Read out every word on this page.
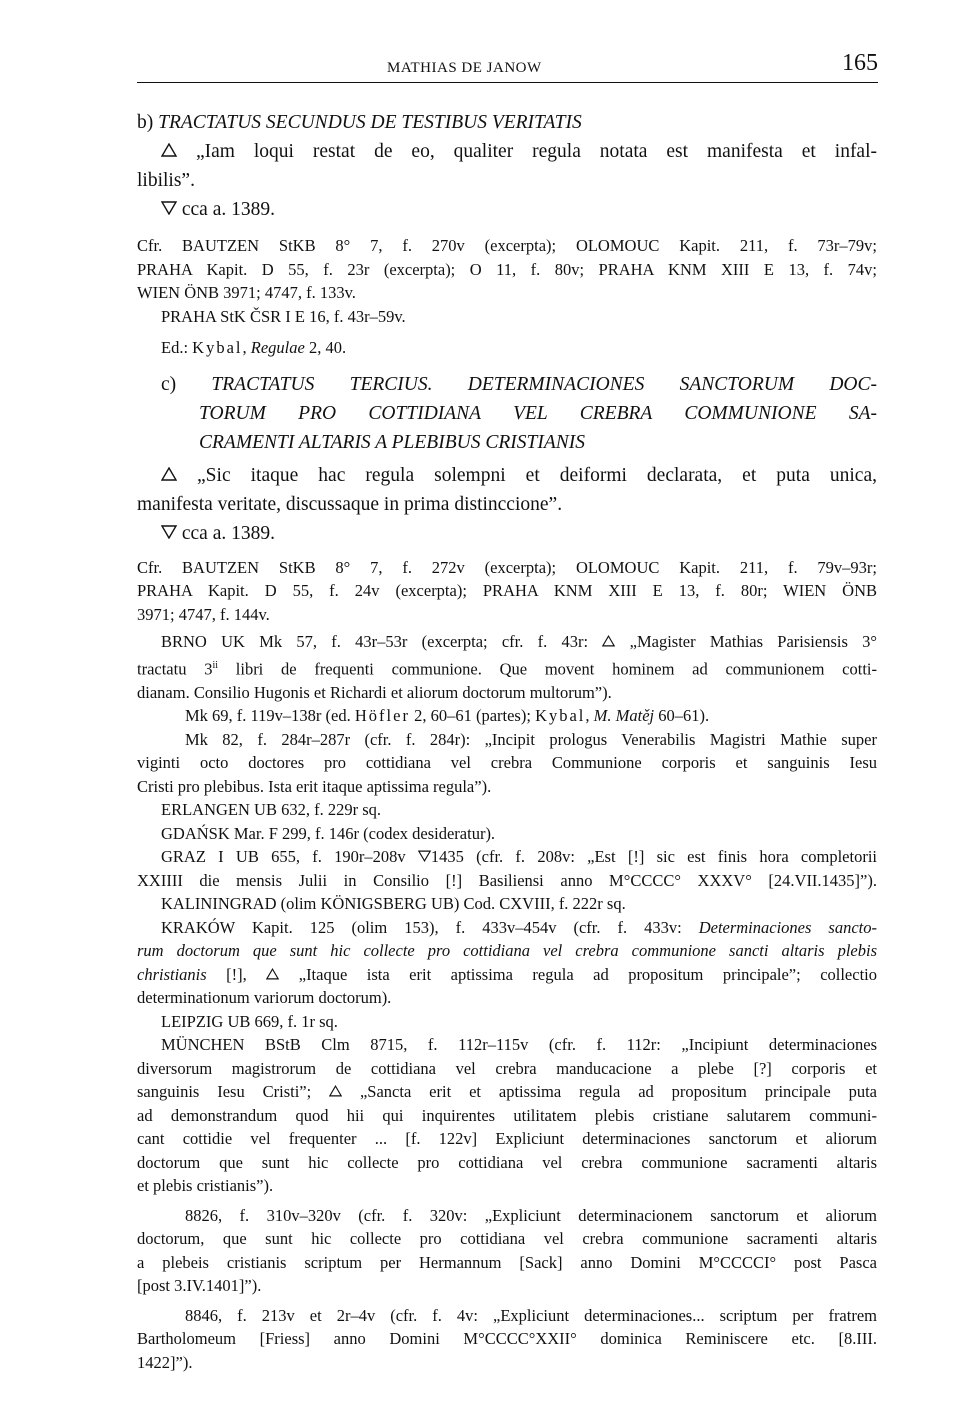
MATHIAS DE JANOW	165
b) TRACTATUS SECUNDUS DE TESTIBUS VERITATIS
„Iam loqui restat de eo, qualiter regula notata est manifesta et infal-
libilis”.
cca a. 1389.
Cfr. BAUTZEN StKB 8° 7, f. 270v (excerpta); OLOMOUC Kapit. 211, f. 73r–79v;
PRAHA Kapit. D 55, f. 23r (excerpta); O 11, f. 80v; PRAHA KNM XIII E 13, f. 74v;
WIEN ÖNB 3971; 4747, f. 133v.
PRAHA StK ČSR I E 16, f. 43r–59v.
Ed.: Kybal, Regulae 2, 40.
c) TRACTATUS TERCIUS. DETERMINACIONES SANCTORUM DOC-
TORUM PRO COTTIDIANA VEL CREBRA COMMUNIONE SA-
CRAMENTI ALTARIS A PLEBIBUS CRISTIANIS
„Sic itaque hac regula solempni et deiformi declarata, et puta unica,
manifesta veritate, discussaque in prima distinccione”.
cca a. 1389.
Cfr. BAUTZEN StKB 8° 7, f. 272v (excerpta); OLOMOUC Kapit. 211, f. 79v–93r;
PRAHA Kapit. D 55, f. 24v (excerpta); PRAHA KNM XIII E 13, f. 80r; WIEN ÖNB
3971; 4747, f. 144v.
BRNO UK Mk 57, f. 43r–53r (excerpta; cfr. f. 43r:
„Magister Mathias Parisiensis 3°
tractatu 3$^{ii}$ libri de frequenti communione. Que movent hominem ad communionem cotti-
dianam. Consilio Hugonis et Richardi et aliorum doctorum multorum”).
Mk 69, f. 119v–138r (ed. Höfler 2, 60–61 (partes); Kybal, M. Matěj 60–61).
Mk 82, f. 284r–287r (cfr. f. 284r): „Incipit prologus Venerabilis Magistri Mathie super
viginti octo doctores pro cottidiana vel crebra Communione corporis et sanguinis Iesu
Cristi pro plebibus. Ista erit itaque aptissima regula”).
ERLANGEN UB 632, f. 229r sq.
GDAŃSK Mar. F 299, f. 146r (codex desideratur).
GRAZ I UB 655, f. 190r–208v
1435 (cfr. f. 208v: „Est [!] sic est finis hora completorii
XXIIII die mensis Julii in Consilio [!] Basiliensi anno M°CCCC° XXXV° [24.VII.1435]”).
KALININGRAD (olim KÖNIGSBERG UB) Cod. CXVIII, f. 222r sq.
KRAKÓW Kapit. 125 (olim 153), f. 433v–454v (cfr. f. 433v: Determinaciones sancto-
rum doctorum que sunt hic collecte pro cottidiana vel crebra communione sancti altaris plebis
christianis [!],
„Itaque ista erit aptissima regula ad propositum principale”; collectio
determinationum variorum doctorum).
LEIPZIG UB 669, f. 1r sq.
MÜNCHEN BStB Clm 8715, f. 112r–115v (cfr. f. 112r: „Incipiunt determinaciones
diversorum magistrorum de cottidiana vel crebra manducacione a plebe [?] corporis et
sanguinis Iesu Cristi”;
„Sancta erit et aptissima regula ad propositum principale puta
ad demonstrandum quod hii qui inquirentes utilitatem plebis cristiane salutarem communi-
cant cottidie vel frequenter ... [f. 122v] Expliciunt determinaciones sanctorum et aliorum
doctorum que sunt hic collecte pro cottidiana vel crebra communione sacramenti altaris
et plebis cristianis”).
8826, f. 310v–320v (cfr. f. 320v: „Expliciunt determinacionem sanctorum et aliorum
doctorum, que sunt hic collecte pro cottidiana vel crebra communione sacramenti altaris
a plebeis cristianis scriptum per Hermannum [Sack] anno Domini M°CCCCI° post Pasca
[post 3.IV.1401]”).
8846, f. 213v et 2r–4v (cfr. f. 4v: „Expliciunt determinaciones... scriptum per fratrem
Bartholomeum [Friess] anno Domini M°CCCC°XXII° dominica Reminiscere etc. [8.III.
1422]”).
